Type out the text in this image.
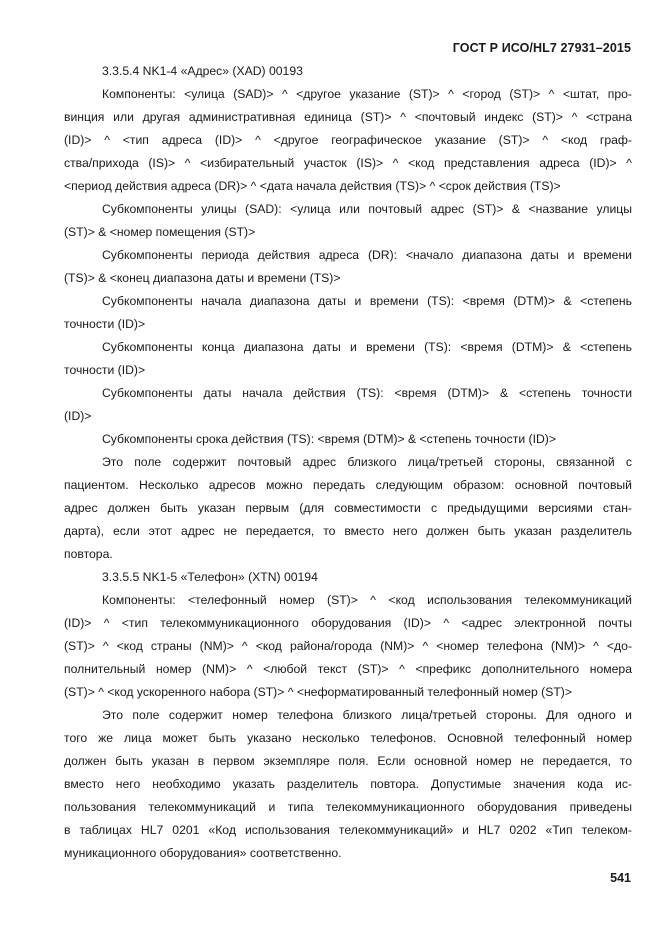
ГОСТ Р ИСО/HL7 27931–2015
3.3.5.4 NK1-4 «Адрес» (XAD) 00193
Компоненты: <улица (SAD)> ^ <другое указание (ST)> ^ <город (ST)> ^ <штат, про-
винция или другая административная единица (ST)> ^ <почтовый индекс (ST)> ^ <страна
(ID)> ^ <тип адреса (ID)> ^ <другое географическое указание (ST)> ^ <код граф-
ства/прихода (IS)> ^ <избирательный участок (IS)> ^ <код представления адреса (ID)> ^
<период действия адреса (DR)> ^ <дата начала действия (TS)> ^ <срок действия (TS)>
Субкомпоненты улицы (SAD): <улица или почтовый адрес (ST)> & <название улицы
(ST)> & <номер помещения (ST)>
Субкомпоненты периода действия адреса (DR): <начало диапазона даты и времени
(TS)> & <конец диапазона даты и времени (TS)>
Субкомпоненты начала диапазона даты и времени (TS): <время (DTM)> & <степень
точности (ID)>
Субкомпоненты конца диапазона даты и времени (TS): <время (DTM)> & <степень
точности (ID)>
Субкомпоненты даты начала действия (TS): <время (DTM)> & <степень точности
(ID)>
Субкомпоненты срока действия (TS): <время (DTM)> & <степень точности (ID)>
Это поле содержит почтовый адрес близкого лица/третьей стороны, связанной с
пациентом. Несколько адресов можно передать следующим образом: основной почтовый
адрес должен быть указан первым (для совместимости с предыдущими версиями стан-
дарта), если этот адрес не передается, то вместо него должен быть указан разделитель
повтора.
3.3.5.5 NK1-5 «Телефон» (XTN) 00194
Компоненты: <телефонный номер (ST)> ^ <код использования телекоммуникаций
(ID)> ^ <тип телекоммуникационного оборудования (ID)> ^ <адрес электронной почты
(ST)> ^ <код страны (NM)> ^ <код района/города (NM)> ^ <номер телефона (NM)> ^ <до-
полнительный номер (NM)> ^ <любой текст (ST)> ^ <префикс дополнительного номера
(ST)> ^ <код ускоренного набора (ST)> ^ <неформатированный телефонный номер (ST)>
Это поле содержит номер телефона близкого лица/третьей стороны. Для одного и
того же лица может быть указано несколько телефонов. Основной телефонный номер
должен быть указан в первом экземпляре поля. Если основной номер не передается, то
вместо него необходимо указать разделитель повтора. Допустимые значения кода ис-
пользования телекоммуникаций и типа телекоммуникационного оборудования приведены
в таблицах HL7 0201 «Код использования телекоммуникаций» и HL7 0202 «Тип телеком-
муникационного оборудования» соответственно.
541
